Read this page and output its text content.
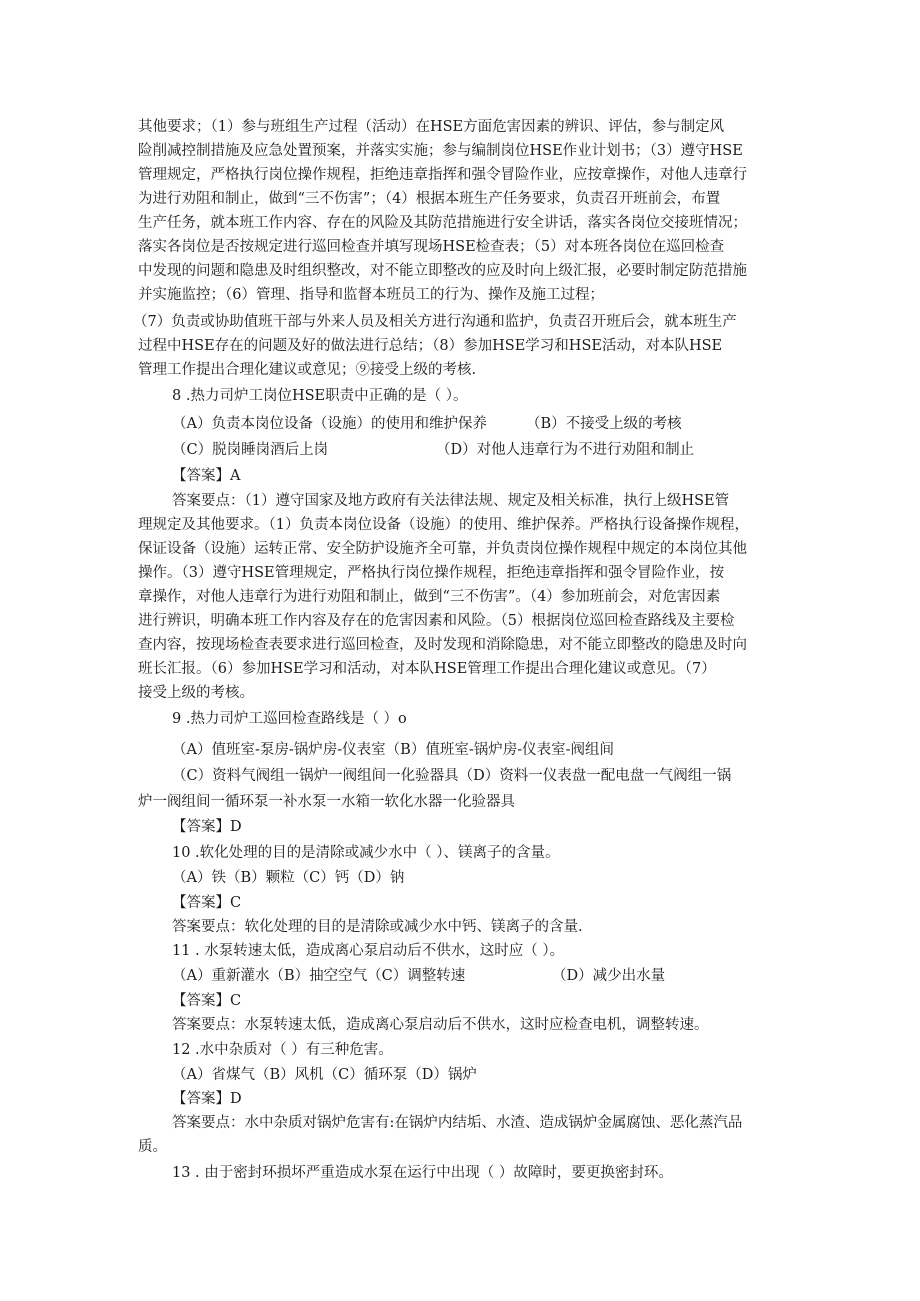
其他要求；（1）参与班组生产过程（活动）在HSE方面危害因素的辨识、评估，参与制定风
险削减控制措施及应急处置预案，并落实实施；参与编制岗位HSE作业计划书；（3）遵守HSE
管理规定，严格执行岗位操作规程，拒绝违章指挥和强令冒险作业，应按章操作，对他人违章行
为进行劝阻和制止，做到“三不伤害”；（4）根据本班生产任务要求，负责召开班前会，布置
生产任务，就本班工作内容、存在的风险及其防范措施进行安全讲话，落实各岗位交接班情况；
落实各岗位是否按规定进行巡回检查并填写现场HSE检查表；（5）对本班各岗位在巡回检查
中发现的问题和隐患及时组织整改，对不能立即整改的应及时向上级汇报，必要时制定防范措施
并实施监控；（6）管理、指导和监督本班员工的行为、操作及施工过程；
（7）负责或协助值班干部与外来人员及相关方进行沟通和监护，负责召开班后会，就本班生产
过程中HSE存在的问题及好的做法进行总结；（8）参加HSE学习和HSE活动，对本队HSE
管理工作提出合理化建议或意见；⑨接受上级的考核.
8 .热力司炉工岗位HSE职责中正确的是（ ）。
（A）负责本岗位设备（设施）的使用和维护保养	（B）不接受上级的考核
（C）脱岗睡岗酒后上岗	（D）对他人违章行为不进行劝阻和制止
【答案】A
答案要点：（1）遵守国家及地方政府有关法律法规、规定及相关标准，执行上级HSE管
理规定及其他要求。（1）负责本岗位设备（设施）的使用、维护保养。严格执行设备操作规程，
保证设备（设施）运转正常、安全防护设施齐全可靠，并负责岗位操作规程中规定的本岗位其他
操作。（3）遵守HSE管理规定，严格执行岗位操作规程，拒绝违章指挥和强令冒险作业，按
章操作，对他人违章行为进行劝阻和制止，做到“三不伤害”。（4）参加班前会，对危害因素
进行辨识，明确本班工作内容及存在的危害因素和风险。（5）根据岗位巡回检查路线及主要检
查内容，按现场检查表要求进行巡回检查，及时发现和消除隐患，对不能立即整改的隐患及时向
班长汇报。（6）参加HSE学习和活动，对本队HSE管理工作提出合理化建议或意见。（7）
接受上级的考核。
9 .热力司炉工巡回检查路线是（ ）o
（A）值班室-泵房-锅炉房-仪表室（B）值班室-锅炉房-仪表室-阀组间
（C）资料气阀组一锅炉一阀组间一化验器具（D）资料一仪表盘一配电盘一气阀组一锅
炉一阀组间一循环泵一补水泵一水箱一软化水器一化验器具
【答案】D
10 .软化处理的目的是清除或减少水中（ ）、镁离子的含量。
（A）铁（B）颗粒（C）钙（D）钠
【答案】C
答案要点：软化处理的目的是清除或减少水中钙、镁离子的含量.
11 . 水泵转速太低，造成离心泵启动后不供水，这时应（ ）。
（A）重新灌水（B）抽空空气（C）调整转速	（D）减少出水量
【答案】C
答案要点：水泵转速太低，造成离心泵启动后不供水，这时应检查电机，调整转速。
12 .水中杂质对（ ）有三种危害。
（A）省煤气（B）风机（C）循环泵（D）锅炉
【答案】D
答案要点：水中杂质对锅炉危害有:在锅炉内结垢、水渣、造成锅炉金属腐蚀、恶化蒸汽品
质。
13 . 由于密封环损坏严重造成水泵在运行中出现（ ）故障时，要更换密封环。
